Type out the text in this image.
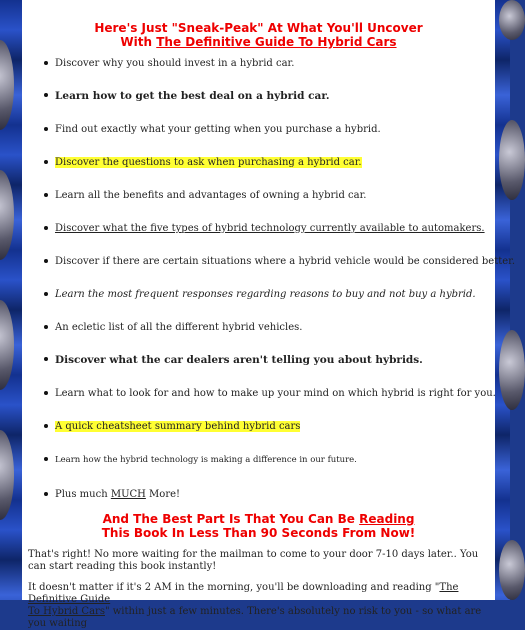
Here's Just "Sneak-Peak" At What You'll Uncover
With The Definitive Guide To Hybrid Cars
Discover why you should invest in a hybrid car.
Learn how to get the best deal on a hybrid car.
Find out exactly what your getting when you purchase a hybrid.
Discover the questions to ask when purchasing a hybrid car.
Learn all the benefits and advantages of owning a hybrid car.
Discover what the five types of hybrid technology currently available to automakers.
Discover if there are certain situations where a hybrid vehicle would be considered better.
Learn the most frequent responses regarding reasons to buy and not buy a hybrid.
An ecletic list of all the different hybrid vehicles.
Discover what the car dealers aren't telling you about hybrids.
Learn what to look for and how to make up your mind on which hybrid is right for you.
A quick cheatsheet summary behind hybrid cars
Learn how the hybrid technology is making a difference in our future.
Plus much MUCH More!
And The Best Part Is That You Can Be Reading
This Book In Less Than 90 Seconds From Now!
That's right! No more waiting for the mailman to come to your door 7-10 days later.. You can start reading this book instantly!
It doesn't matter if it's 2 AM in the morning, you'll be downloading and reading "The Definitive Guide
To Hybrid Cars" within just a few minutes. There's absolutely no risk to you - so what are you waiting
